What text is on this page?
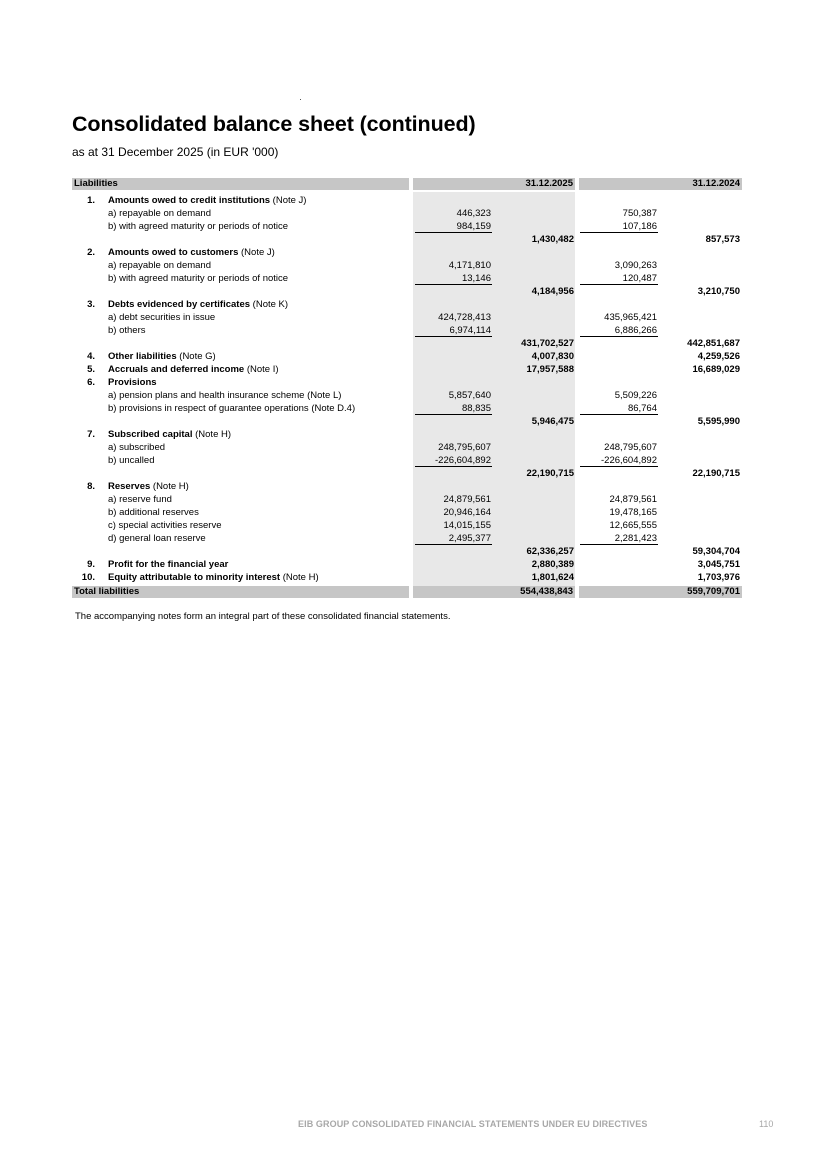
Consolidated balance sheet (continued)
as at 31 December 2025 (in EUR '000)
Liabilities	31.12.2025	31.12.2024
1. Amounts owed to credit institutions (Note J)
a) repayable on demand	446,323	750,387
b) with agreed maturity or periods of notice	984,159	107,186
1,430,482	857,573
2. Amounts owed to customers (Note J)
a) repayable on demand	4,171,810	3,090,263
b) with agreed maturity or periods of notice	13,146	120,487
4,184,956	3,210,750
3. Debts evidenced by certificates (Note K)
a) debt securities in issue	424,728,413	435,965,421
b) others	6,974,114	6,886,266
431,702,527	442,851,687
4. Other liabilities (Note G)	4,007,830	4,259,526
5. Accruals and deferred income (Note I)	17,957,588	16,689,029
6. Provisions
a) pension plans and health insurance scheme (Note L)	5,857,640	5,509,226
b) provisions in respect of guarantee operations (Note D.4)	88,835	86,764
5,946,475	5,595,990
7. Subscribed capital (Note H)
a) subscribed	248,795,607	248,795,607
b) uncalled	-226,604,892	-226,604,892
22,190,715	22,190,715
8. Reserves (Note H)
a) reserve fund	24,879,561	24,879,561
b) additional reserves	20,946,164	19,478,165
c) special activities reserve	14,015,155	12,665,555
d) general loan reserve	2,495,377	2,281,423
62,336,257	59,304,704
9. Profit for the financial year	2,880,389	3,045,751
10. Equity attributable to minority interest (Note H)	1,801,624	1,703,976
Total liabilities	554,438,843	559,709,701
The accompanying notes form an integral part of these consolidated financial statements.
EIB GROUP CONSOLIDATED FINANCIAL STATEMENTS UNDER EU DIRECTIVES	110
